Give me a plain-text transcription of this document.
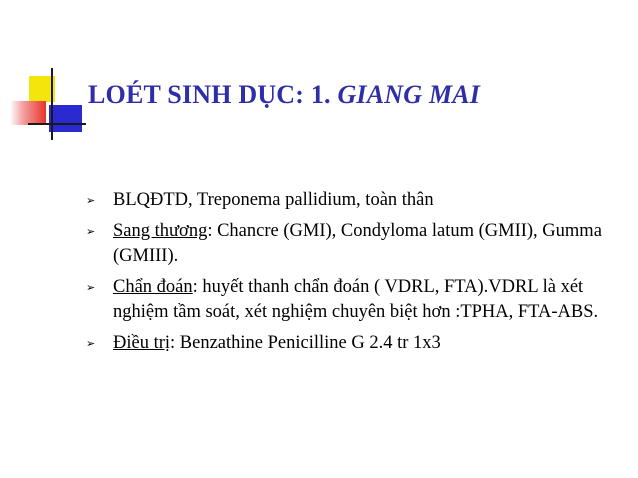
LOÉT SINH DỤC: 1. GIANG MAI
➢ BLQĐTD, Treponema pallidium, toàn thân
➢ Sang thương: Chancre (GMI), Condyloma latum (GMII), Gumma (GMIII).
➢ Chẩn đoán: huyết thanh chẩn đoán ( VDRL, FTA).VDRL là xét nghiệm tầm soát, xét nghiệm chuyên biệt hơn :TPHA, FTA-ABS.
➢ Điều trị: Benzathine Penicilline G 2.4 tr 1x3
